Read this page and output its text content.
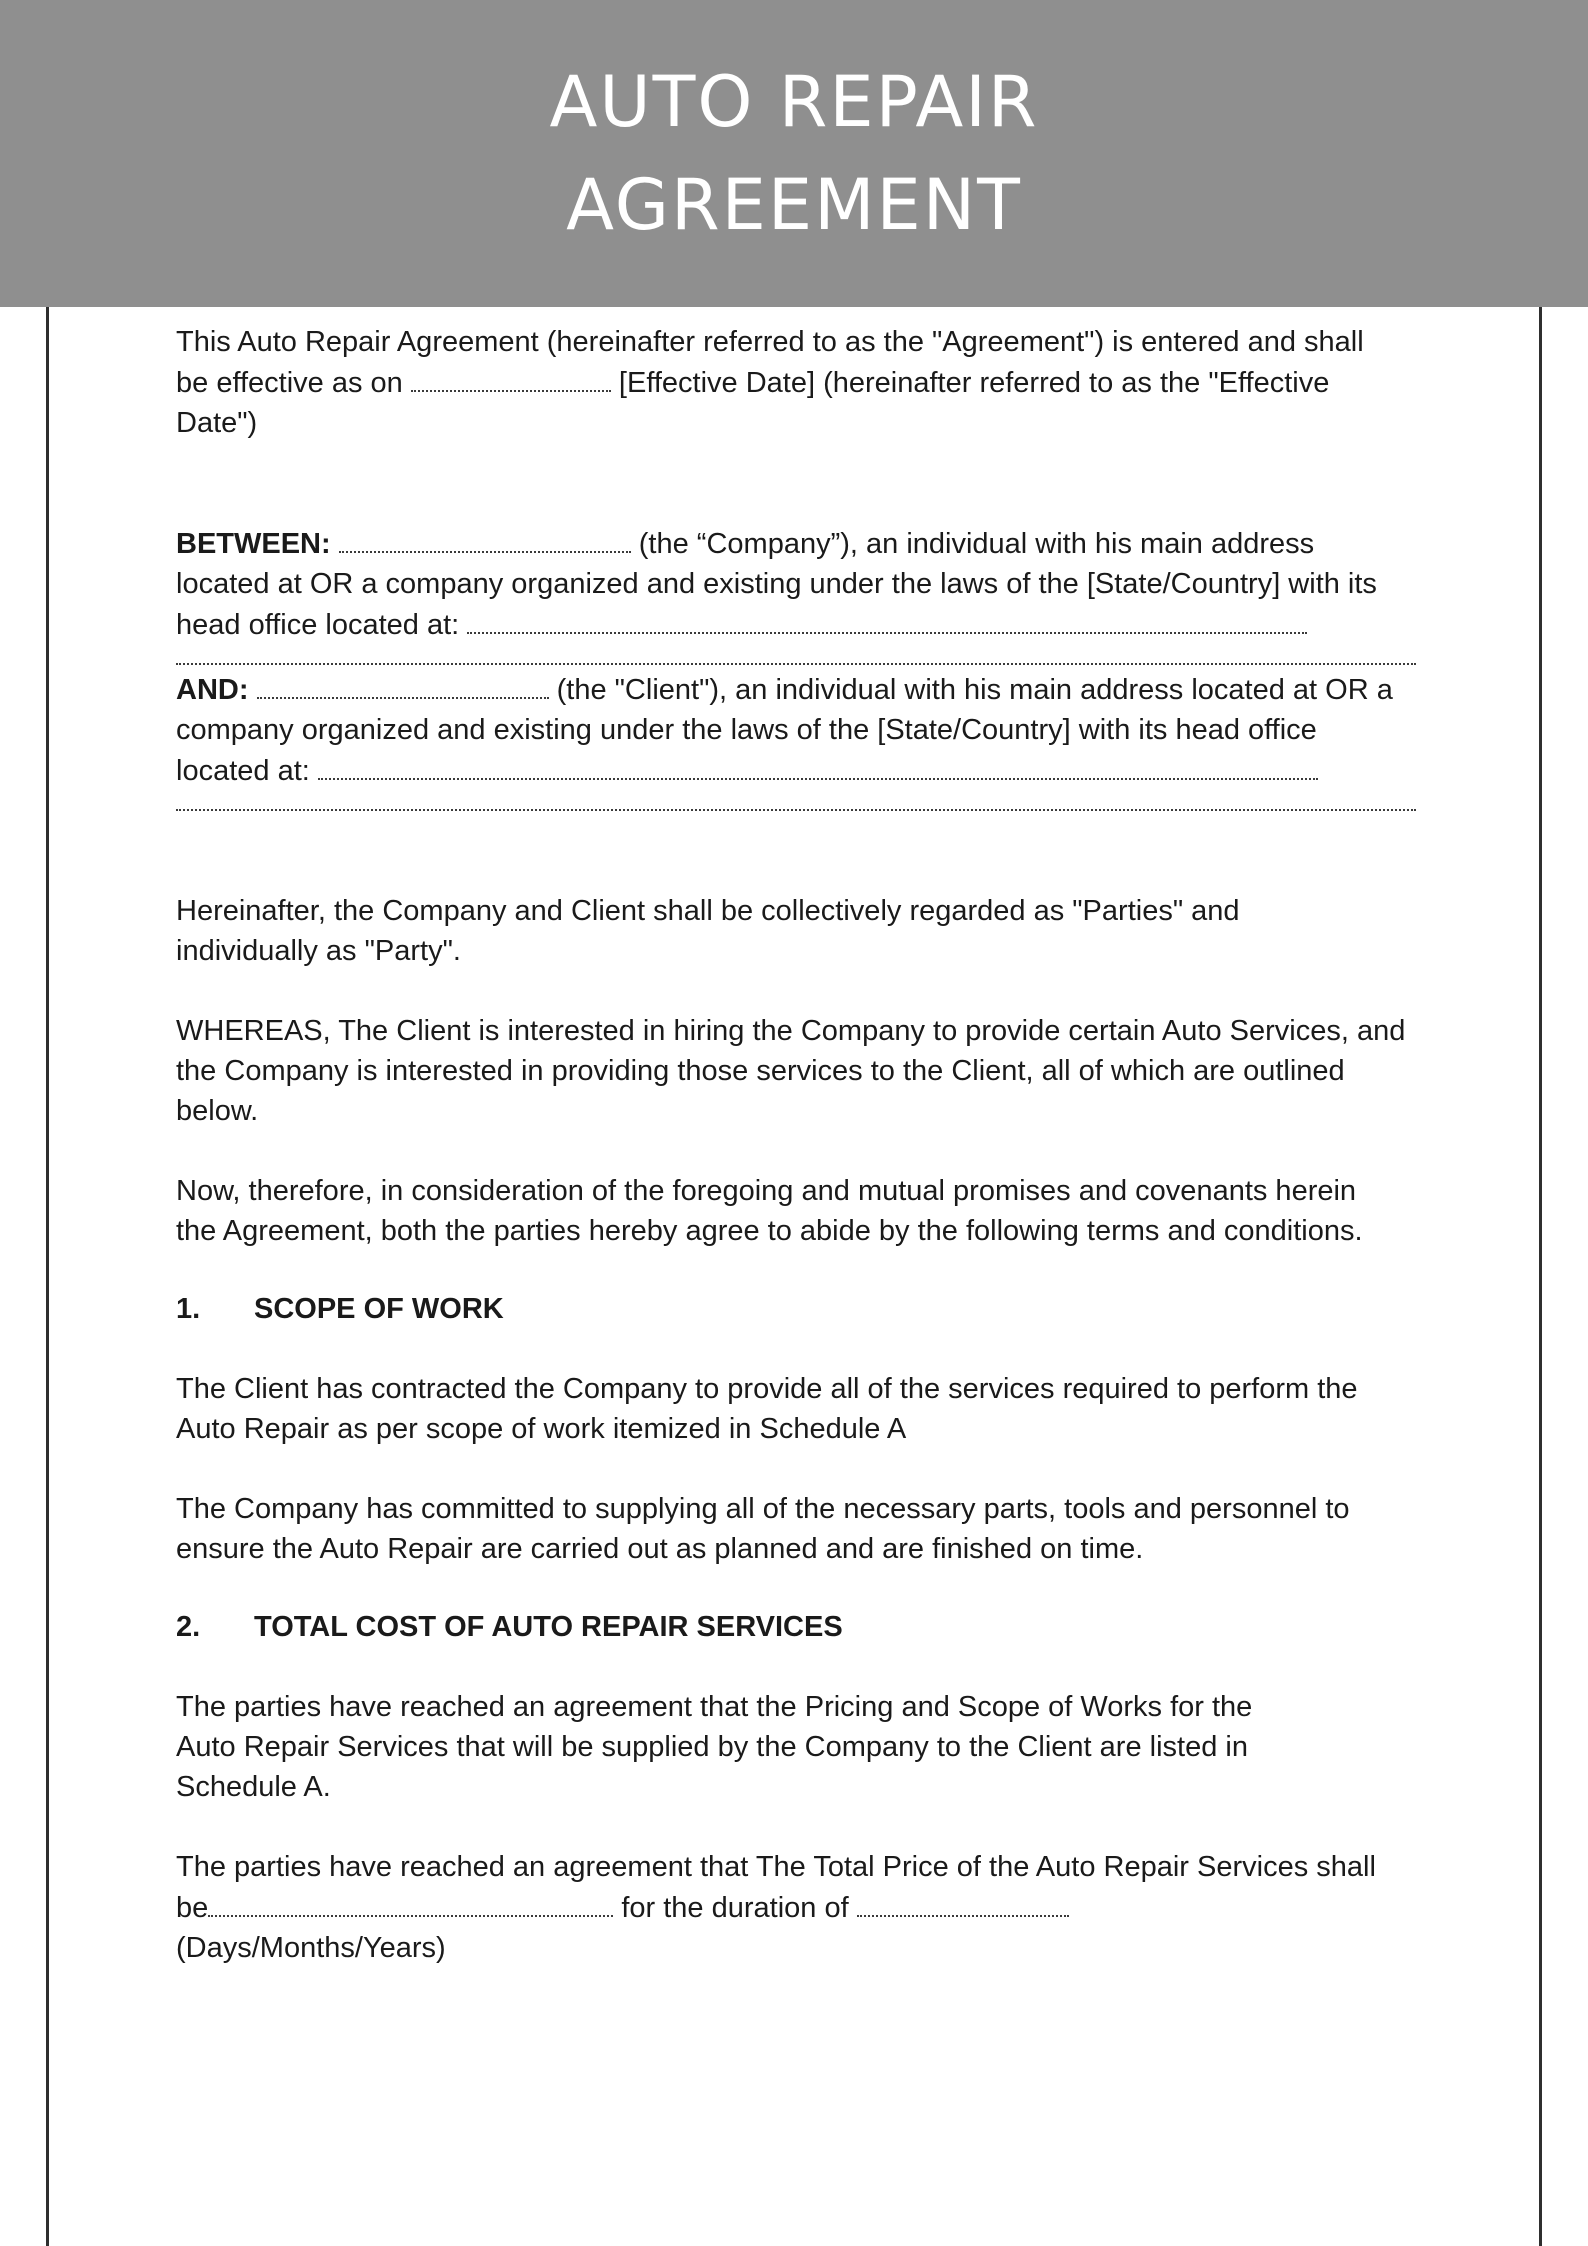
AUTO REPAIR
AGREEMENT

This Auto Repair Agreement (hereinafter referred to as the "Agreement") is entered and shall be effective as on	[Effective Date] (hereinafter referred to as the "Effective Date")

BETWEEN:	(the “Company”), an individual with his main address located at OR a company organized and existing under the laws of the [State/Country] with its head office located at:

AND:	(the "Client"), an individual with his main address located at OR a company organized and existing under the laws of the [State/Country] with its head office located at:

Hereinafter, the Company and Client shall be collectively regarded as "Parties" and individually as "Party".

WHEREAS, The Client is interested in hiring the Company to provide certain Auto Services, and the Company is interested in providing those services to the Client, all of which are outlined below.

Now, therefore, in consideration of the foregoing and mutual promises and covenants herein the Agreement, both the parties hereby agree to abide by the following terms and conditions.

1.	SCOPE OF WORK

The Client has contracted the Company to provide all of the services required to perform the Auto Repair as per scope of work itemized in Schedule A

The Company has committed to supplying all of the necessary parts, tools and personnel to ensure the Auto Repair are carried out as planned and are finished on time.

2.	TOTAL COST OF AUTO REPAIR SERVICES

The parties have reached an agreement that the Pricing and Scope of Works for the Auto Repair Services that will be supplied by the Company to the Client are listed in Schedule A.

The parties have reached an agreement that The Total Price of the Auto Repair Services shall be	for the duration of
(Days/Months/Years)
